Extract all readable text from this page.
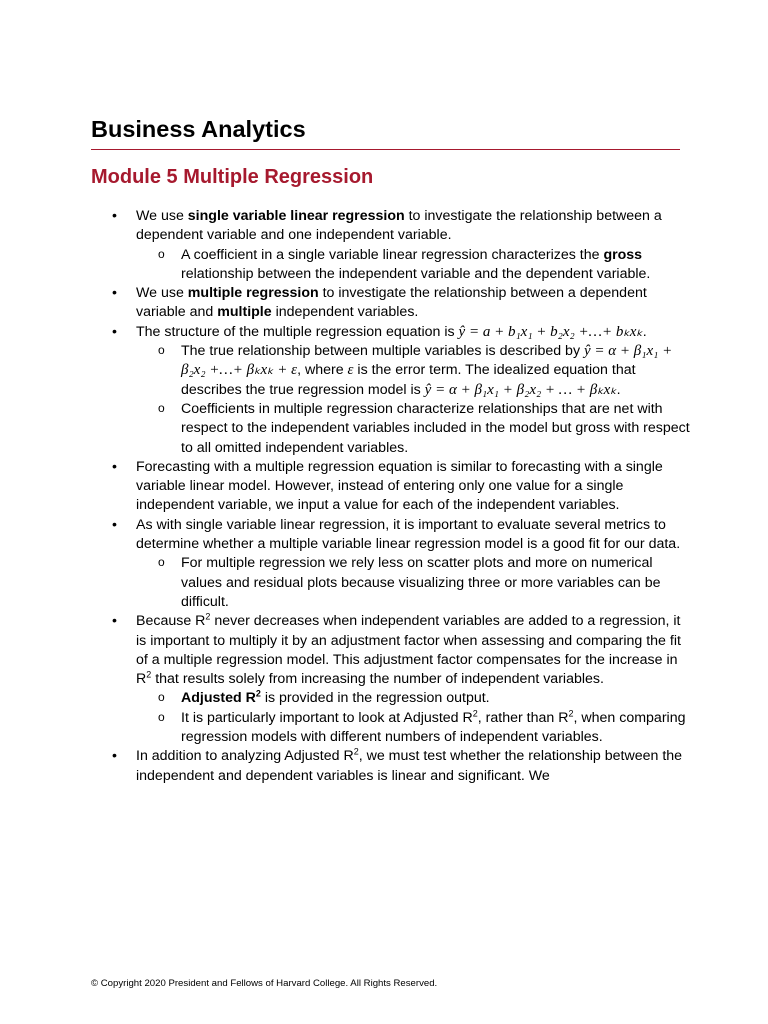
Business Analytics
Module 5 Multiple Regression
• We use single variable linear regression to investigate the relationship between a dependent variable and one independent variable.
o A coefficient in a single variable linear regression characterizes the gross relationship between the independent variable and the dependent variable.
• We use multiple regression to investigate the relationship between a dependent variable and multiple independent variables.
• The structure of the multiple regression equation is ŷ = a + b₁x₁ + b₂x₂ +…+ bₖxₖ.
o The true relationship between multiple variables is described by ŷ = α + β₁x₁ + β₂x₂ +…+ βₖxₖ + ε, where ε is the error term. The idealized equation that describes the true regression model is ŷ = α + β₁x₁ + β₂x₂ + … + βₖxₖ.
o Coefficients in multiple regression characterize relationships that are net with respect to the independent variables included in the model but gross with respect to all omitted independent variables.
• Forecasting with a multiple regression equation is similar to forecasting with a single variable linear model. However, instead of entering only one value for a single independent variable, we input a value for each of the independent variables.
• As with single variable linear regression, it is important to evaluate several metrics to determine whether a multiple variable linear regression model is a good fit for our data.
o For multiple regression we rely less on scatter plots and more on numerical values and residual plots because visualizing three or more variables can be difficult.
• Because $R^2$ never decreases when independent variables are added to a regression, it is important to multiply it by an adjustment factor when assessing and comparing the fit of a multiple regression model. This adjustment factor compensates for the increase in $R^2$ that results solely from increasing the number of independent variables.
o Adjusted $R^2$ is provided in the regression output.
o It is particularly important to look at Adjusted $R^2$, rather than $R^2$, when comparing regression models with different numbers of independent variables.
• In addition to analyzing Adjusted $R^2$, we must test whether the relationship between the independent and dependent variables is linear and significant. We
© Copyright 2020 President and Fellows of Harvard College. All Rights Reserved.
